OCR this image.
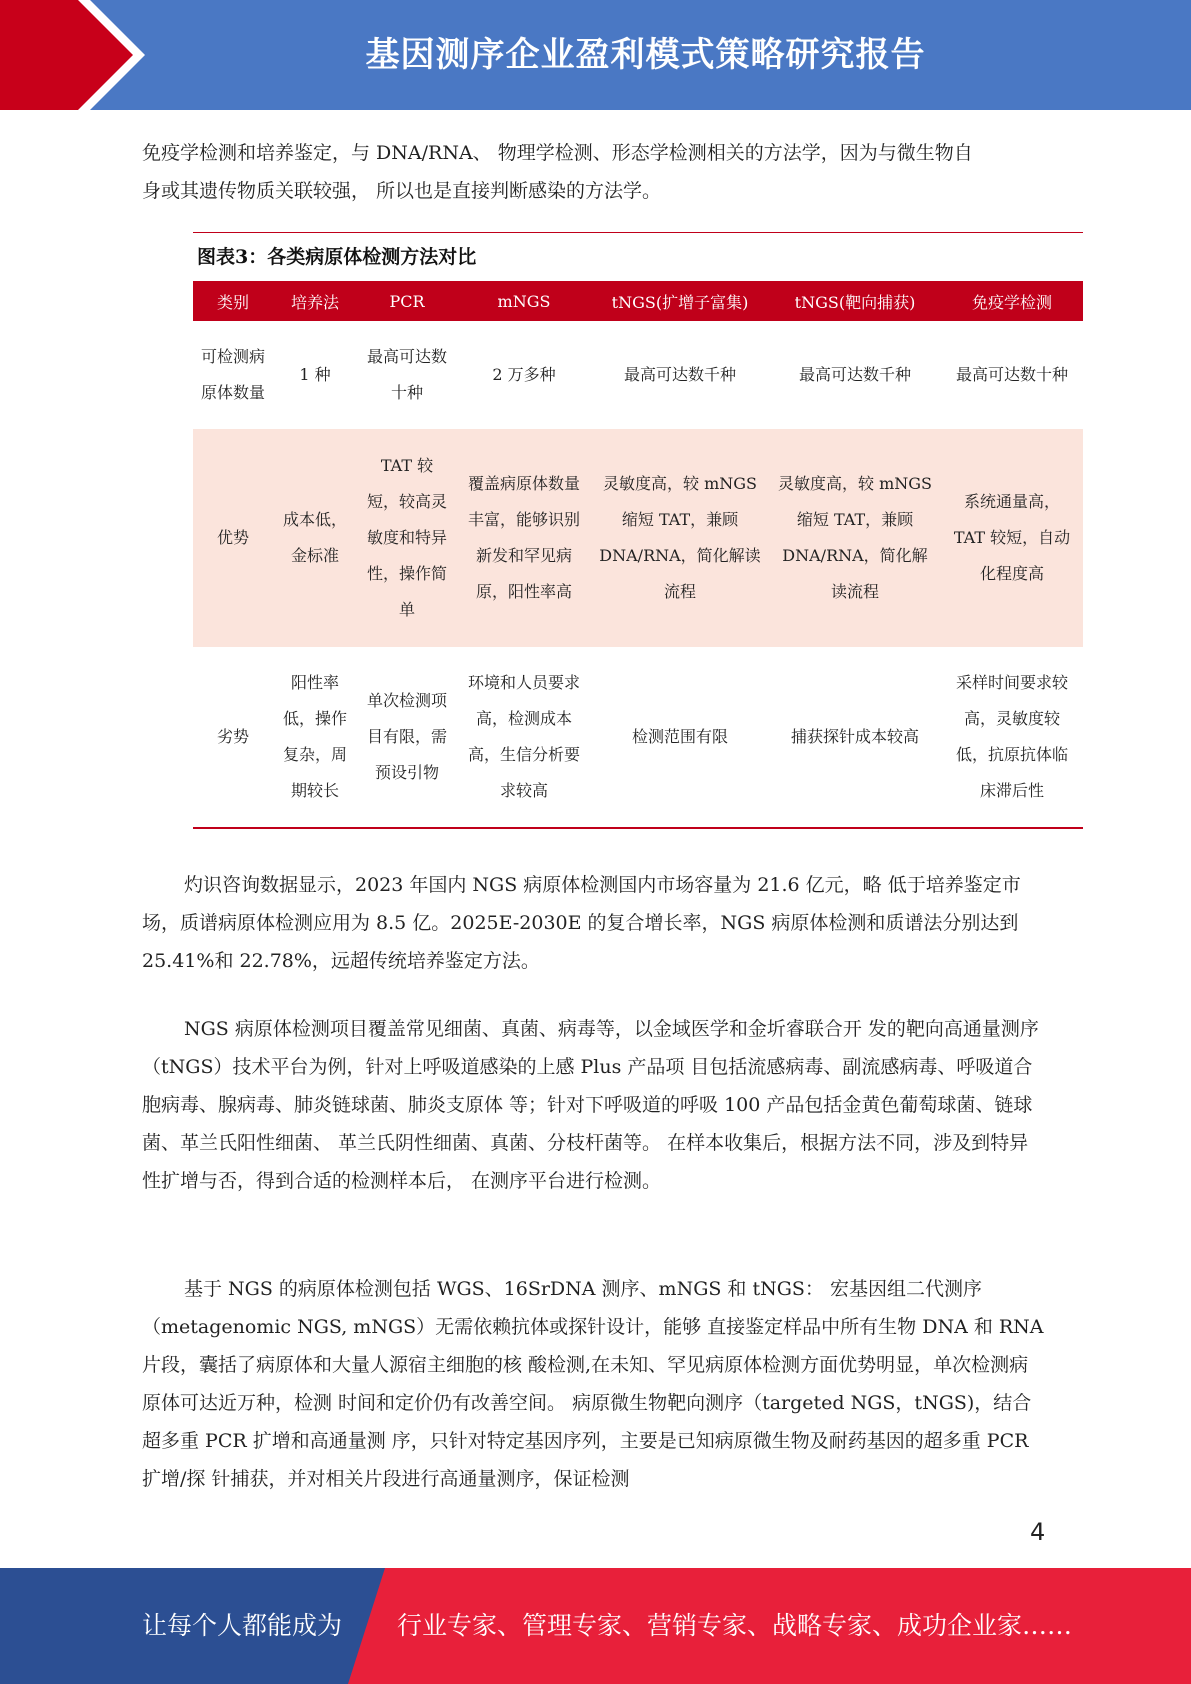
基因测序企业盈利模式策略研究报告

免疫学检测和培养鉴定，与 DNA/RNA、 物理学检测、形态学检测相关的方法学，因为与微生物自

身或其遗传物质关联较强， 所以也是直接判断感染的方法学。

图表3：各类病原体检测方法对比
类别	培养法	PCR	mNGS	tNGS(扩增子富集)	tNGS(靶向捕获)	免疫学检测
可检测病原体数量	1 种	最高可达数十种	2 万多种	最高可达数千种	最高可达数千种	最高可达数十种
优势	成本低，金标准	TAT 较短，较高灵敏度和特异性，操作简单	覆盖病原体数量丰富，能够识别新发和罕见病原，阳性率高	灵敏度高，较 mNGS 缩短 TAT，兼顾 DNA/RNA，简化解读流程	灵敏度高，较 mNGS 缩短 TAT，兼顾 DNA/RNA，简化解读流程	系统通量高，TAT 较短，自动化程度高
劣势	阳性率低，操作复杂，周期较长	单次检测项目有限，需预设引物	环境和人员要求高，检测成本高，生信分析要求较高	检测范围有限	捕获探针成本较高	采样时间要求较高，灵敏度较低，抗原抗体临床滞后性

灼识咨询数据显示，2023 年国内 NGS 病原体检测国内市场容量为 21.6 亿元，略 低于培养鉴定市场，质谱病原体检测应用为 8.5 亿。2025E-2030E 的复合增长率，NGS 病原体检测和质谱法分别达到 25.41%和 22.78%，远超传统培养鉴定方法。

NGS 病原体检测项目覆盖常见细菌、真菌、病毒等，以金域医学和金圻睿联合开 发的靶向高通量测序（tNGS）技术平台为例，针对上呼吸道感染的上感 Plus 产品项 目包括流感病毒、副流感病毒、呼吸道合胞病毒、腺病毒、肺炎链球菌、肺炎支原体 等；针对下呼吸道的呼吸 100 产品包括金黄色葡萄球菌、链球菌、革兰氏阳性细菌、 革兰氏阴性细菌、真菌、分枝杆菌等。 在样本收集后，根据方法不同，涉及到特异性扩增与否，得到合适的检测样本后， 在测序平台进行检测。

基于 NGS 的病原体检测包括 WGS、16SrDNA 测序、mNGS 和 tNGS： 宏基因组二代测序（metagenomic NGS, mNGS）无需依赖抗体或探针设计，能够 直接鉴定样品中所有生物 DNA 和 RNA 片段，囊括了病原体和大量人源宿主细胞的核 酸检测,在未知、罕见病原体检测方面优势明显，单次检测病原体可达近万种，检测 时间和定价仍有改善空间。 病原微生物靶向测序（targeted NGS，tNGS)，结合超多重 PCR 扩增和高通量测 序，只针对特定基因序列，主要是已知病原微生物及耐药基因的超多重 PCR 扩增/探 针捕获，并对相关片段进行高通量测序，保证检测

4
让每个人都能成为 行业专家、管理专家、营销专家、战略专家、成功企业家……
